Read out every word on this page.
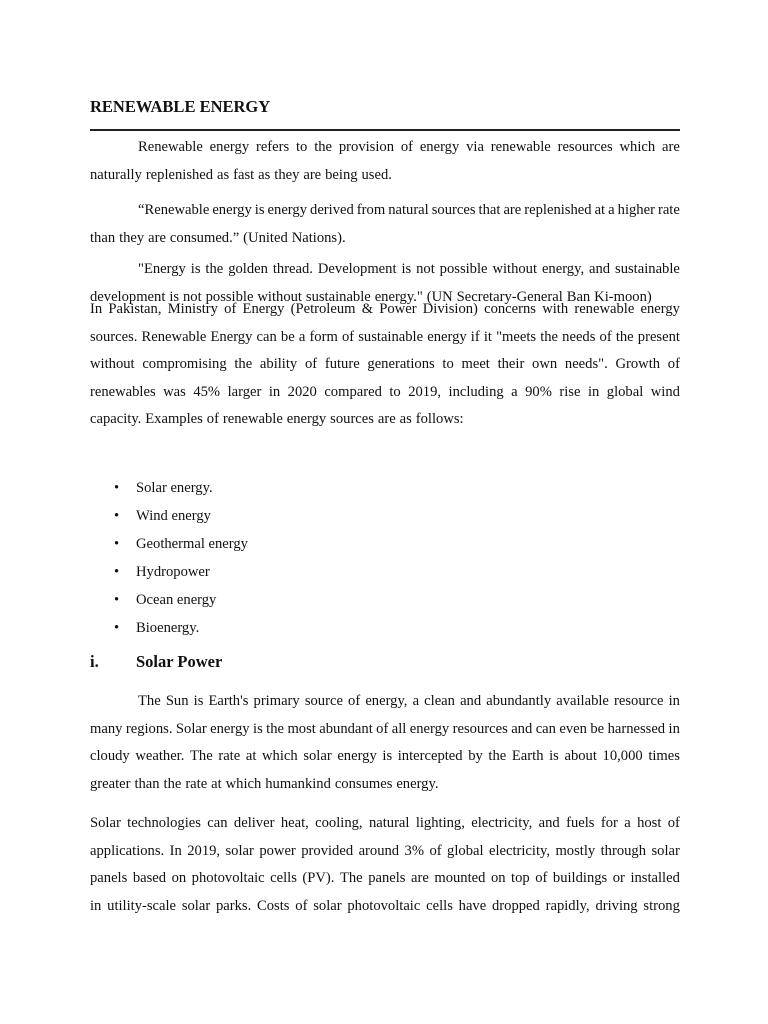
RENEWABLE ENERGY
Renewable energy refers to the provision of energy via renewable resources which are
naturally replenished as fast as they are being used.
“Renewable energy is energy derived from natural sources that are replenished at a higher rate
than they are consumed.” (United Nations).
"Energy is the golden thread. Development is not possible without energy, and sustainable
development is not possible without sustainable energy." (UN Secretary-General Ban Ki-moon)
In Pakistan, Ministry of Energy (Petroleum & Power Division) concerns with renewable energy
sources. Renewable Energy can be a form of sustainable energy if it "meets the needs of the present
without compromising the ability of future generations to meet their own needs". Growth of
renewables was 45% larger in 2020 compared to 2019, including a 90% rise in global wind
capacity. Examples of renewable energy sources are as follows:
•	Solar energy.
•	Wind energy
•	Geothermal energy
•	Hydropower
•	Ocean energy
•	Bioenergy.
i. Solar Power
The Sun is Earth's primary source of energy, a clean and abundantly available resource in
many regions. Solar energy is the most abundant of all energy resources and can even be harnessed in
cloudy weather. The rate at which solar energy is intercepted by the Earth is about 10,000 times
greater than the rate at which humankind consumes energy.
Solar technologies can deliver heat, cooling, natural lighting, electricity, and fuels for a host of
applications. In 2019, solar power provided around 3% of global electricity, mostly through solar
panels based on photovoltaic cells (PV). The panels are mounted on top of buildings or installed
in utility-scale solar parks. Costs of solar photovoltaic cells have dropped rapidly, driving strong
